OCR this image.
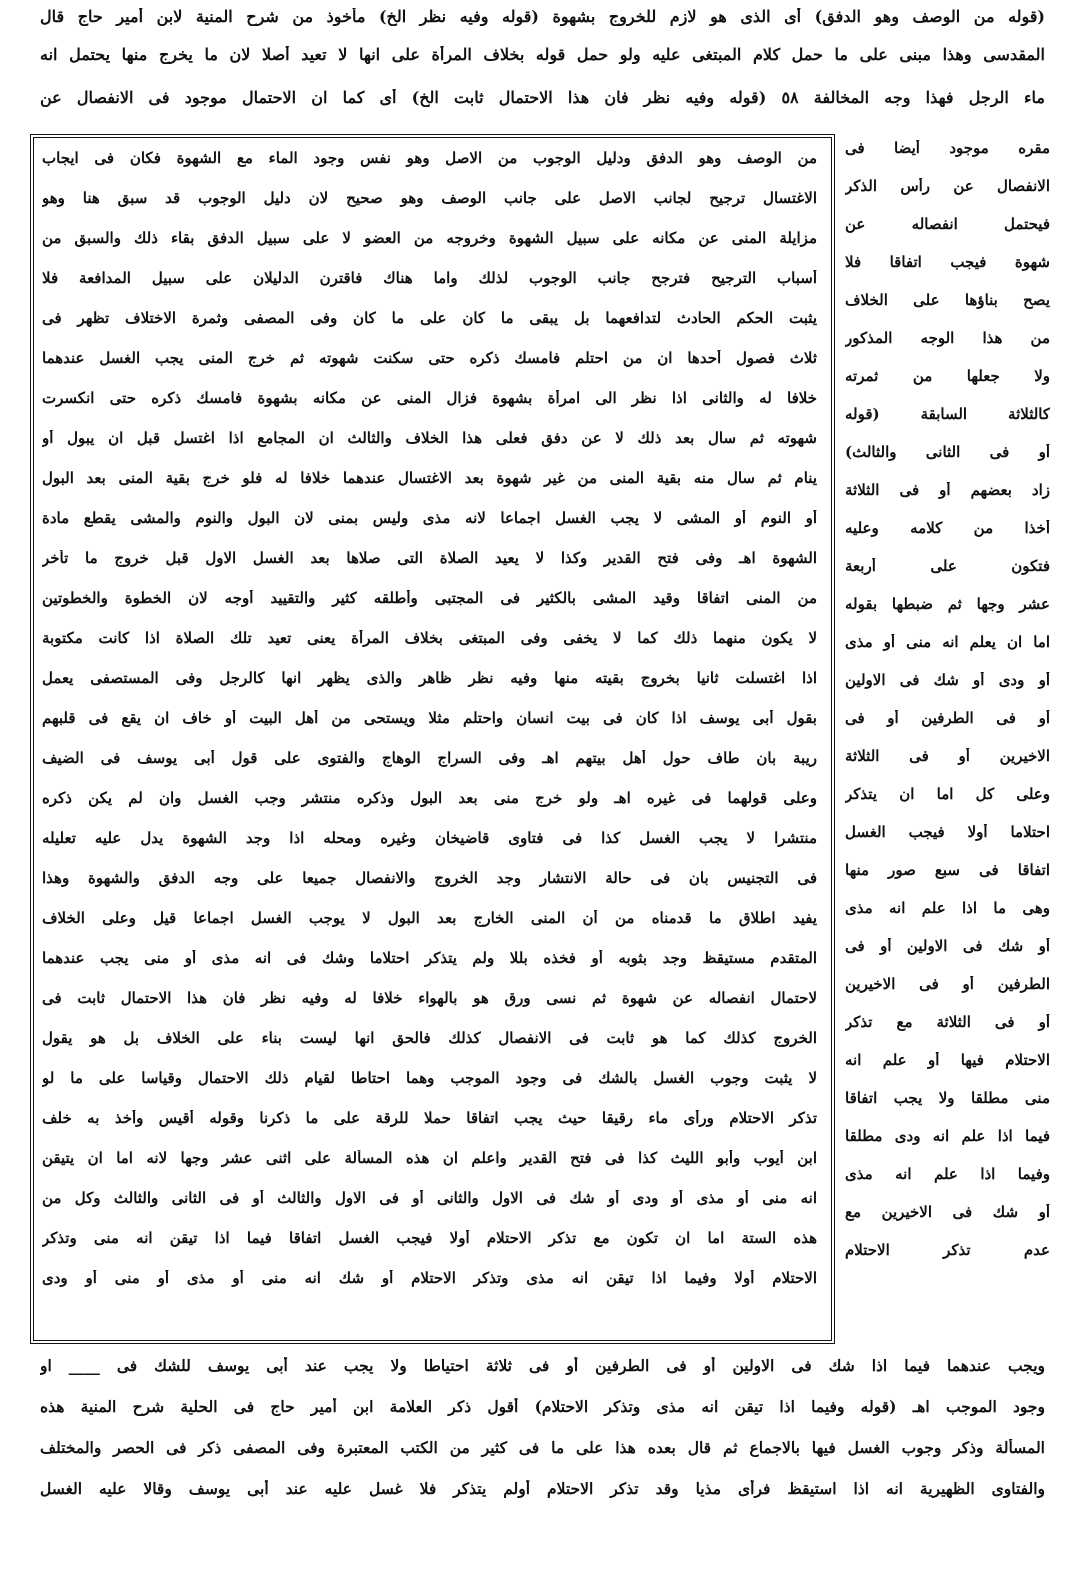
(قوله من الوصف وهو الدفق) أى الذى هو لازم للخروج بشهوة (قوله وفيه نظر الخ) مأخوذ من شرح المنية لابن أمير حاج قال
المقدسى وهذا مبنى على ما حمل كلام المبتغى عليه ولو حمل قوله بخلاف المرأة على انها لا تعيد أصلا لان ما يخرج منها يحتمل انه
ماء الرجل فهذا وجه المخالفة ٥٨ (قوله وفيه نظر فان هذا الاحتمال ثابت الخ) أى كما ان الاحتمال موجود فى الانفصال عن
مقره موجود أيضا فى
الانفصال عن رأس الذكر
فيحتمل انفصاله عن
شهوة فيجب اتفاقا فلا
يصح بناؤها على الخلاف
من هذا الوجه المذكور
ولا جعلها من ثمرته
كالثلاثة السابقة (قوله
أو فى الثانى والثالث)
زاد بعضهم أو فى الثلاثة
أخذا من كلامه وعليه
فتكون على أربعة
عشر وجها ثم ضبطها بقوله
اما ان يعلم انه منى أو مذى
أو ودى أو شك فى الاولين
أو فى الطرفين أو فى
الاخيرين أو فى الثلاثة
وعلى كل اما ان يتذكر
احتلاما أولا فيجب الغسل
اتفاقا فى سبع صور منها
وهى ما اذا علم انه مذى
أو شك فى الاولين أو فى
الطرفين أو فى الاخيرين
أو فى الثلاثة مع تذكر
الاحتلام فيها أو علم انه
منى مطلقا ولا يجب اتفاقا
فيما اذا علم انه ودى مطلقا
وفيما اذا علم انه مذى
أو شك فى الاخيرين مع
عدم تذكر الاحتلام
من الوصف وهو الدفق ودليل الوجوب من الاصل وهو نفس وجود الماء مع الشهوة فكان فى ايجاب
الاغتسال ترجيح لجانب الاصل على جانب الوصف وهو صحيح لان دليل الوجوب قد سبق هنا وهو
مزايلة المنى عن مكانه على سبيل الشهوة وخروجه من العضو لا على سبيل الدفق بقاء ذلك والسبق من
أسباب الترجيح فترجح جانب الوجوب لذلك واما هناك فاقترن الدليلان على سبيل المدافعة فلا
يثبت الحكم الحادث لتدافعهما بل يبقى ما كان على ما كان وفى المصفى وثمرة الاختلاف تظهر فى
ثلاث فصول أحدها ان من احتلم فامسك ذكره حتى سكنت شهوته ثم خرج المنى يجب الغسل عندهما
خلافا له والثانى اذا نظر الى امرأة بشهوة فزال المنى عن مكانه بشهوة فامسك ذكره حتى انكسرت
شهوته ثم سال بعد ذلك لا عن دفق فعلى هذا الخلاف والثالث ان المجامع اذا اغتسل قبل ان يبول أو
ينام ثم سال منه بقية المنى من غير شهوة بعد الاغتسال عندهما خلافا له فلو خرج بقية المنى بعد البول
أو النوم أو المشى لا يجب الغسل اجماعا لانه مذى وليس بمنى لان البول والنوم والمشى يقطع مادة
الشهوة اهـ وفى فتح القدير وكذا لا يعيد الصلاة التى صلاها بعد الغسل الاول قبل خروج ما تأخر
من المنى اتفاقا وقيد المشى بالكثير فى المجتبى وأطلقه كثير والتقييد أوجه لان الخطوة والخطوتين
لا يكون منهما ذلك كما لا يخفى وفى المبتغى بخلاف المرأة يعنى تعيد تلك الصلاة اذا كانت مكتوبة
اذا اغتسلت ثانيا بخروج بقيته منها وفيه نظر ظاهر والذى يظهر انها كالرجل وفى المستصفى يعمل
بقول أبى يوسف اذا كان فى بيت انسان واحتلم مثلا ويستحى من أهل البيت أو خاف ان يقع فى قلبهم
ريبة بان طاف حول أهل بيتهم اهـ وفى السراج الوهاج والفتوى على قول أبى يوسف فى الضيف
وعلى قولهما فى غيره اهـ ولو خرج منى بعد البول وذكره منتشر وجب الغسل وان لم يكن ذكره
منتشرا لا يجب الغسل كذا فى فتاوى قاضيخان وغيره ومحله اذا وجد الشهوة يدل عليه تعليله
فى التجنيس بان فى حالة الانتشار وجد الخروج والانفصال جميعا على وجه الدفق والشهوة وهذا
يفيد اطلاق ما قدمناه من أن المنى الخارج بعد البول لا يوجب الغسل اجماعا قيل وعلى الخلاف
المتقدم مستيقظ وجد بثوبه أو فخذه بللا ولم يتذكر احتلاما وشك فى انه مذى أو منى يجب عندهما
لاحتمال انفصاله عن شهوة ثم نسى ورق هو بالهواء خلافا له وفيه نظر فان هذا الاحتمال ثابت فى
الخروج كذلك كما هو ثابت فى الانفصال كذلك فالحق انها ليست بناء على الخلاف بل هو يقول
لا يثبت وجوب الغسل بالشك فى وجود الموجب وهما احتاطا لقيام ذلك الاحتمال وقياسا على ما لو
تذكر الاحتلام ورأى ماء رقيقا حيث يجب اتفاقا حملا للرقة على ما ذكرنا وقوله أقيس وأخذ به خلف
ابن أيوب وأبو الليث كذا فى فتح القدير واعلم ان هذه المسألة على اثنى عشر وجها لانه اما ان يتيقن
انه منى أو مذى أو ودى أو شك فى الاول والثانى أو فى الاول والثالث أو فى الثانى والثالث وكل من
هذه الستة اما ان تكون مع تذكر الاحتلام أولا فيجب الغسل اتفاقا فيما اذا تيقن انه منى وتذكر
الاحتلام أولا وفيما اذا تيقن انه مذى وتذكر الاحتلام أو شك انه منى أو مذى أو منى أو ودى
ويجب عندهما فيما اذا شك فى الاولين أو فى الطرفين أو فى ثلاثة احتياطا ولا يجب عند أبى يوسف للشك فى ____ او
وجود الموجب اهـ (قوله وفيما اذا تيقن انه مذى وتذكر الاحتلام) أقول ذكر العلامة ابن أمير حاج فى الحلية شرح المنية هذه
المسألة وذكر وجوب الغسل فيها بالاجماع ثم قال بعده هذا على ما فى كثير من الكتب المعتبرة وفى المصفى ذكر فى الحصر والمختلف
والفتاوى الظهيرية انه اذا استيقظ فرأى مذيا وقد تذكر الاحتلام أولم يتذكر فلا غسل عليه عند أبى يوسف وقالا عليه الغسل
